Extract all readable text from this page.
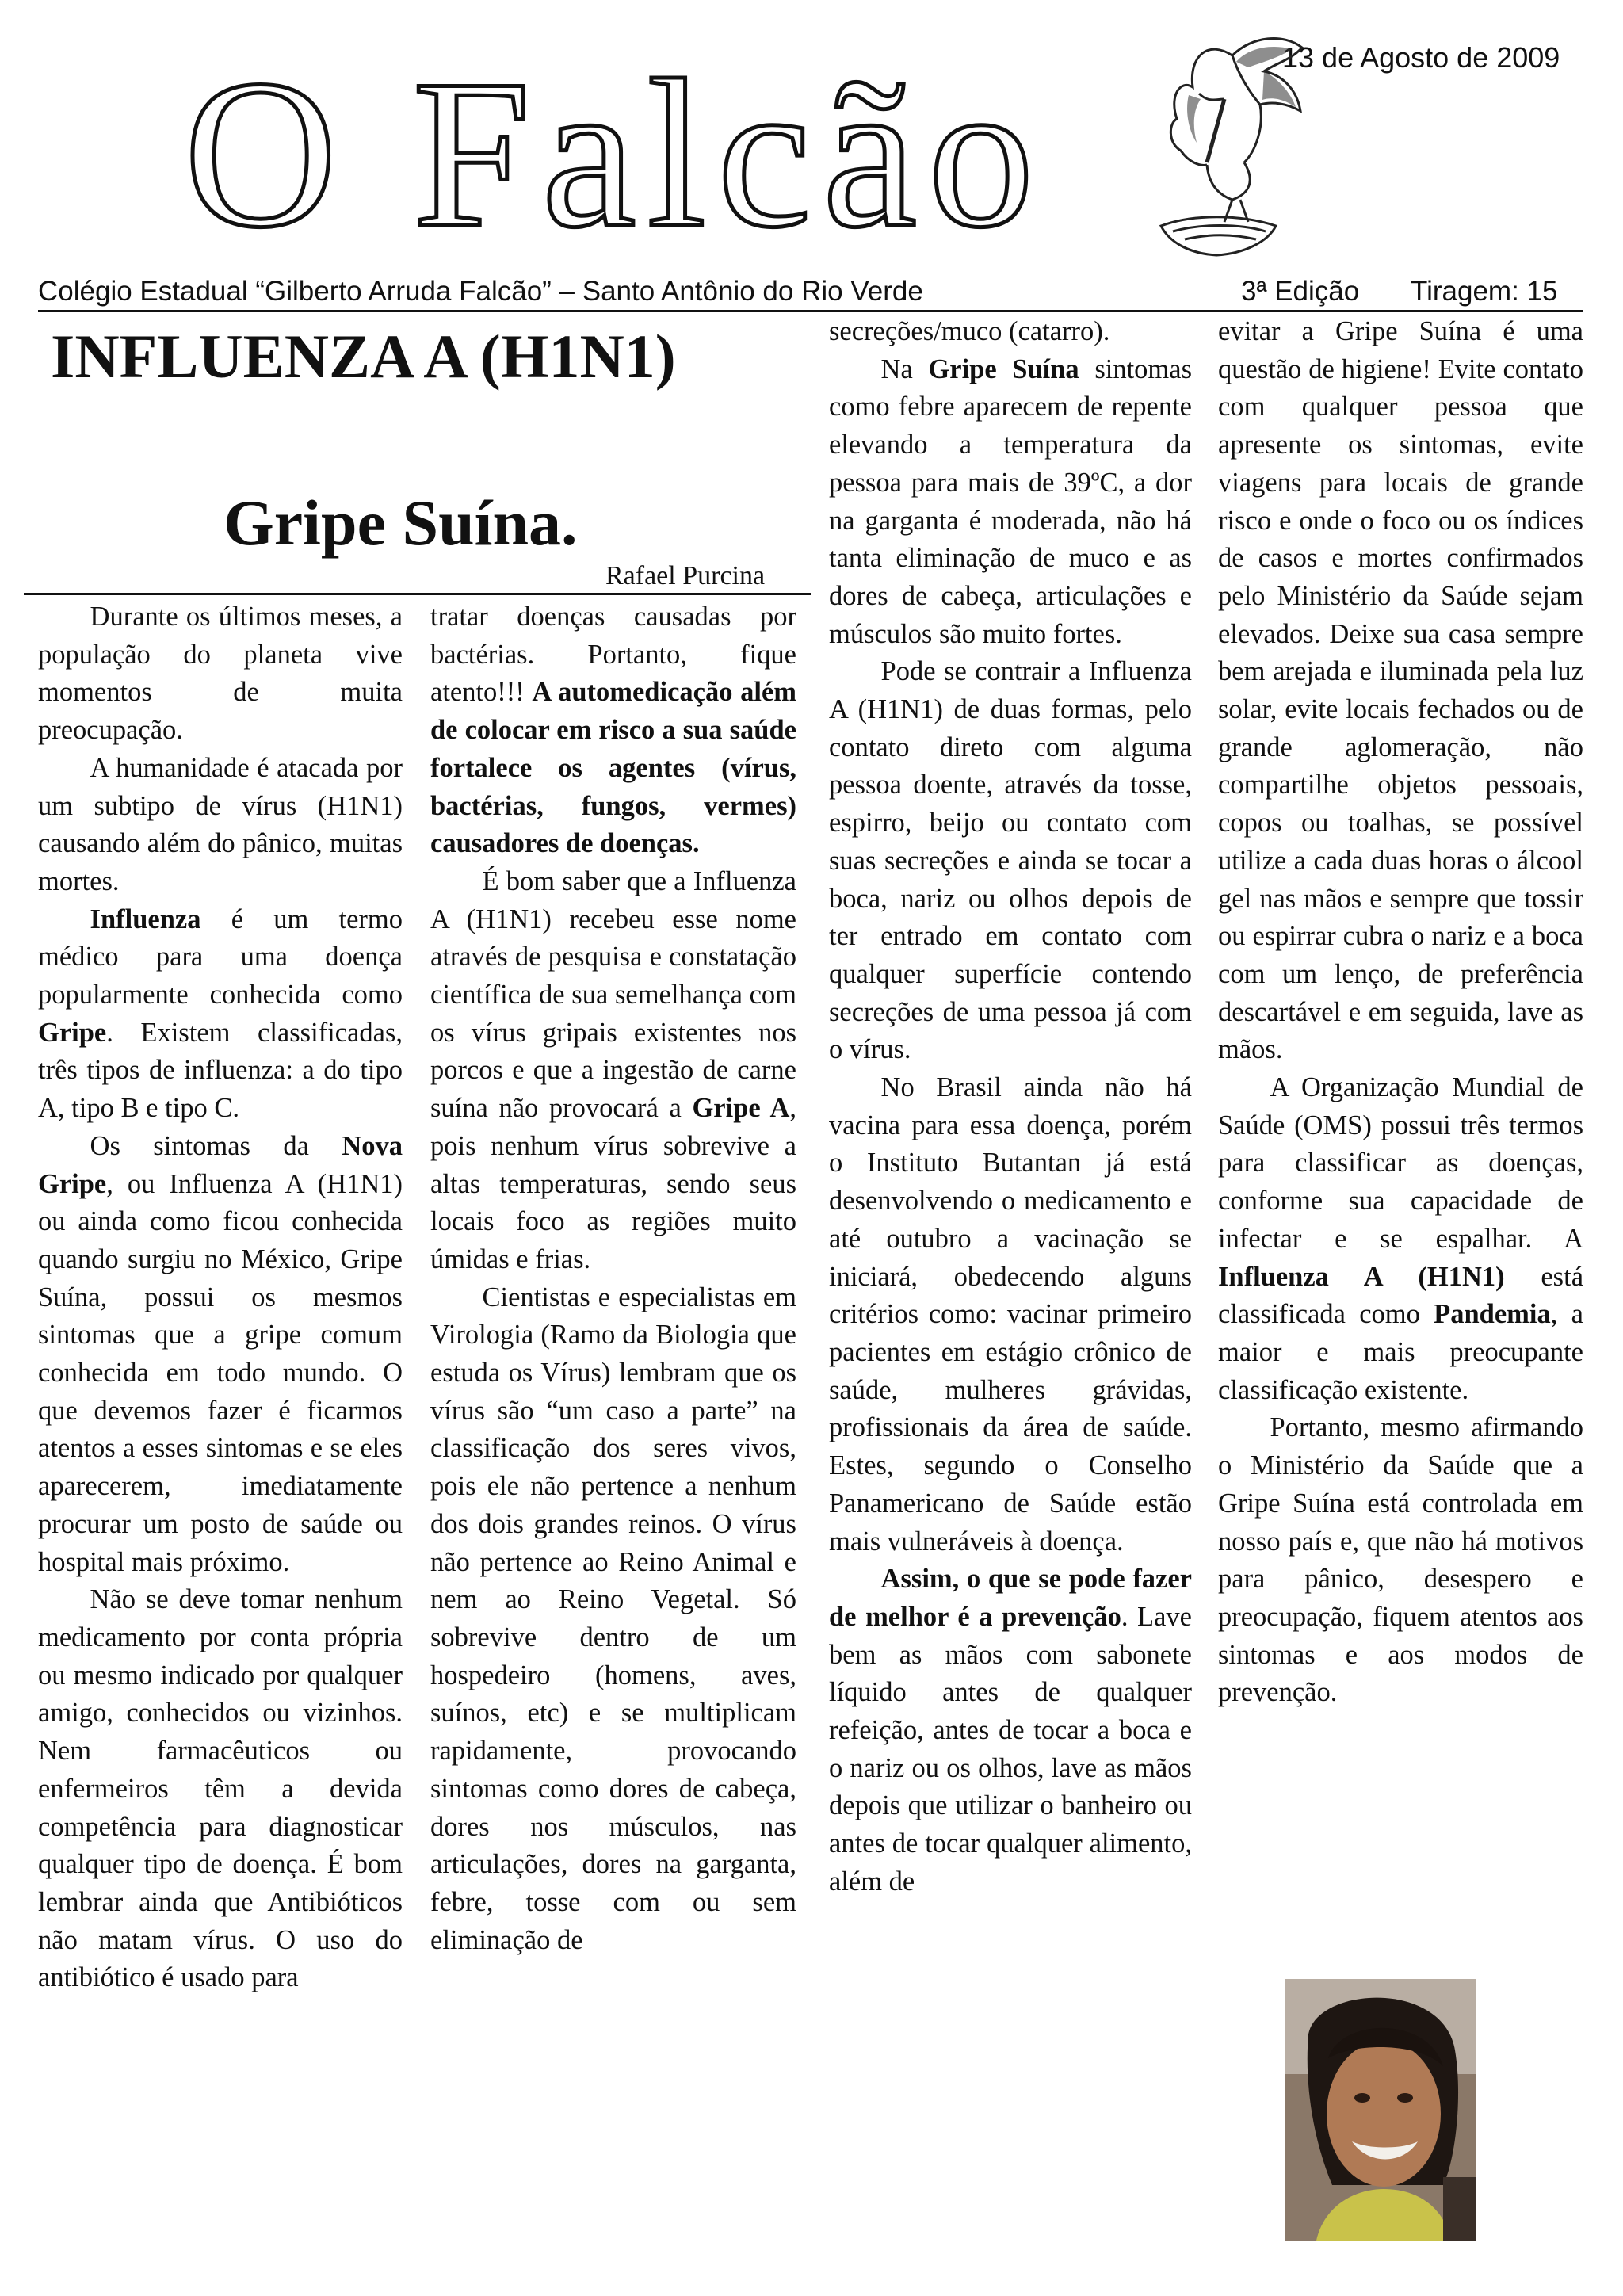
13 de Agosto de 2009
O Falcão
Colégio Estadual “Gilberto Arruda Falcão” – Santo Antônio do Rio Verde	3ª Edição Tiragem: 15
INFLUENZA A (H1N1)
Gripe Suína.
Rafael Purcina

Durante os últimos meses, a população do planeta vive momentos de muita preocupação.

A humanidade é atacada por um subtipo de vírus (H1N1) causando além do pânico, muitas mortes.

Influenza é um termo médico para uma doença popularmente conhecida como Gripe. Existem classificadas, três tipos de influenza: a do tipo A, tipo B e tipo C.

Os sintomas da Nova Gripe, ou Influenza A (H1N1) ou ainda como ficou conhecida quando surgiu no México, Gripe Suína, possui os mesmos sintomas que a gripe comum conhecida em todo mundo. O que devemos fazer é ficarmos atentos a esses sintomas e se eles aparecerem, imediatamente procurar um posto de saúde ou hospital mais próximo.

Não se deve tomar nenhum medicamento por conta própria ou mesmo indicado por qualquer amigo, conhecidos ou vizinhos. Nem farmacêuticos ou enfermeiros têm a devida competência para diagnosticar qualquer tipo de doença. É bom lembrar ainda que Antibióticos não matam vírus. O uso do antibiótico é usado para

tratar doenças causadas por bactérias. Portanto, fique atento!!! A automedicação além de colocar em risco a sua saúde fortalece os agentes (vírus, bactérias, fungos, vermes) causadores de doenças.

É bom saber que a Influenza A (H1N1) recebeu esse nome através de pesquisa e constatação científica de sua semelhança com os vírus gripais existentes nos porcos e que a ingestão de carne suína não provocará a Gripe A, pois nenhum vírus sobrevive a altas temperaturas, sendo seus locais foco as regiões muito úmidas e frias.

Cientistas e especialistas em Virologia (Ramo da Biologia que estuda os Vírus) lembram que os vírus são “um caso a parte” na classificação dos seres vivos, pois ele não pertence a nenhum dos dois grandes reinos. O vírus não pertence ao Reino Animal e nem ao Reino Vegetal. Só sobrevive dentro de um hospedeiro (homens, aves, suínos, etc) e se multiplicam rapidamente, provocando sintomas como dores de cabeça, dores nos músculos, nas articulações, dores na garganta, febre, tosse com ou sem eliminação de

secreções/muco (catarro).

Na Gripe Suína sintomas como febre aparecem de repente elevando a temperatura da pessoa para mais de 39ºC, a dor na garganta é moderada, não há tanta eliminação de muco e as dores de cabeça, articulações e músculos são muito fortes.

Pode se contrair a Influenza A (H1N1) de duas formas, pelo contato direto com alguma pessoa doente, através da tosse, espirro, beijo ou contato com suas secreções e ainda se tocar a boca, nariz ou olhos depois de ter entrado em contato com qualquer superfície contendo secreções de uma pessoa já com o vírus.

No Brasil ainda não há vacina para essa doença, porém o Instituto Butantan já está desenvolvendo o medicamento e até outubro a vacinação se iniciará, obedecendo alguns critérios como: vacinar primeiro pacientes em estágio crônico de saúde, mulheres grávidas, profissionais da área de saúde. Estes, segundo o Conselho Panamericano de Saúde estão mais vulneráveis à doença.

Assim, o que se pode fazer de melhor é a prevenção. Lave bem as mãos com sabonete líquido antes de qualquer refeição, antes de tocar a boca e o nariz ou os olhos, lave as mãos depois que utilizar o banheiro ou antes de tocar qualquer alimento, além de

evitar a Gripe Suína é uma questão de higiene! Evite contato com qualquer pessoa que apresente os sintomas, evite viagens para locais de grande risco e onde o foco ou os índices de casos e mortes confirmados pelo Ministério da Saúde sejam elevados. Deixe sua casa sempre bem arejada e iluminada pela luz solar, evite locais fechados ou de grande aglomeração, não compartilhe objetos pessoais, copos ou toalhas, se possível utilize a cada duas horas o álcool gel nas mãos e sempre que tossir ou espirrar cubra o nariz e a boca com um lenço, de preferência descartável e em seguida, lave as mãos.

A Organização Mundial de Saúde (OMS) possui três termos para classificar as doenças, conforme sua capacidade de infectar e se espalhar. A Influenza A (H1N1) está classificada como Pandemia, a maior e mais preocupante classificação existente.

Portanto, mesmo afirmando o Ministério da Saúde que a Gripe Suína está controlada em nosso país e, que não há motivos para pânico, desespero e preocupação, fiquem atentos aos sintomas e aos modos de prevenção.
